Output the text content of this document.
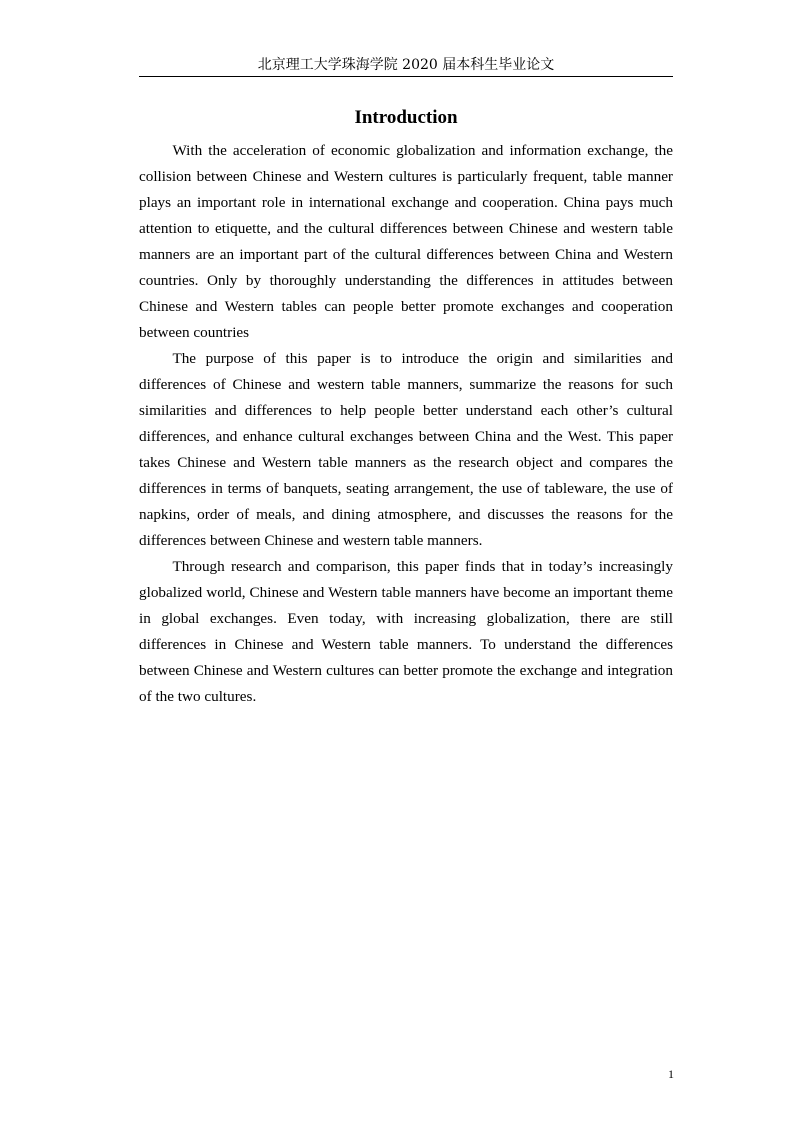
北京理工大学珠海学院 2020 届本科生毕业论文
Introduction

With the acceleration of economic globalization and information exchange, the collision between Chinese and Western cultures is particularly frequent, table manner plays an important role in international exchange and cooperation. China pays much attention to etiquette, and the cultural differences between Chinese and western table manners are an important part of the cultural differences between China and Western countries. Only by thoroughly understanding the differences in attitudes between Chinese and Western tables can people better promote exchanges and cooperation between countries

The purpose of this paper is to introduce the origin and similarities and differences of Chinese and western table manners, summarize the reasons for such similarities and differences to help people better understand each other’s cultural differences, and enhance cultural exchanges between China and the West. This paper takes Chinese and Western table manners as the research object and compares the differences in terms of banquets, seating arrangement, the use of tableware, the use of napkins, order of meals, and dining atmosphere, and discusses the reasons for the differences between Chinese and western table manners.

Through research and comparison, this paper finds that in today’s increasingly globalized world, Chinese and Western table manners have become an important theme in global exchanges. Even today, with increasing globalization, there are still differences in Chinese and Western table manners. To understand the differences between Chinese and Western cultures can better promote the exchange and integration of the two cultures.

1
